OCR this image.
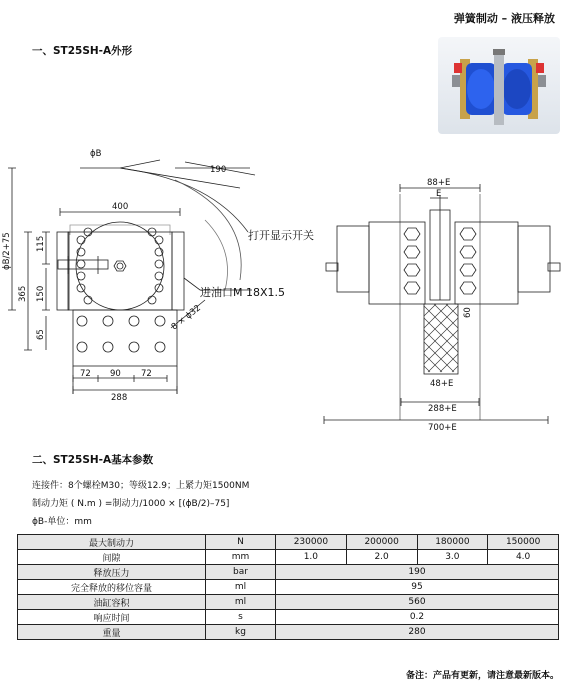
弹簧制动 – 液压释放
一、ST25SH-A外形
ϕB
190
400
ϕB/2+75	115
365 150
65
72 90 72
288
8 × ϕ32
进油口M 18X1.5
打开显示开关
88+E
E
60
48+E
288+E
700+E
二、ST25SH-A基本参数
连接件：8个螺栓M30；等级12.9；上紧力矩1500NM
制动力矩 ( N.m ) =制动力/1000 × [(ϕB/2)–75]
ϕB-单位：mm
最大制动力	N	230000	200000	180000	150000
间隙	mm	1.0	2.0	3.0	4.0
释放压力	bar	190			
完全释放的移位容量	ml	95			
油缸容积	ml	560			
响应时间	s	0.2			
重量	kg	280			
备注：产品有更新，请注意最新版本。
